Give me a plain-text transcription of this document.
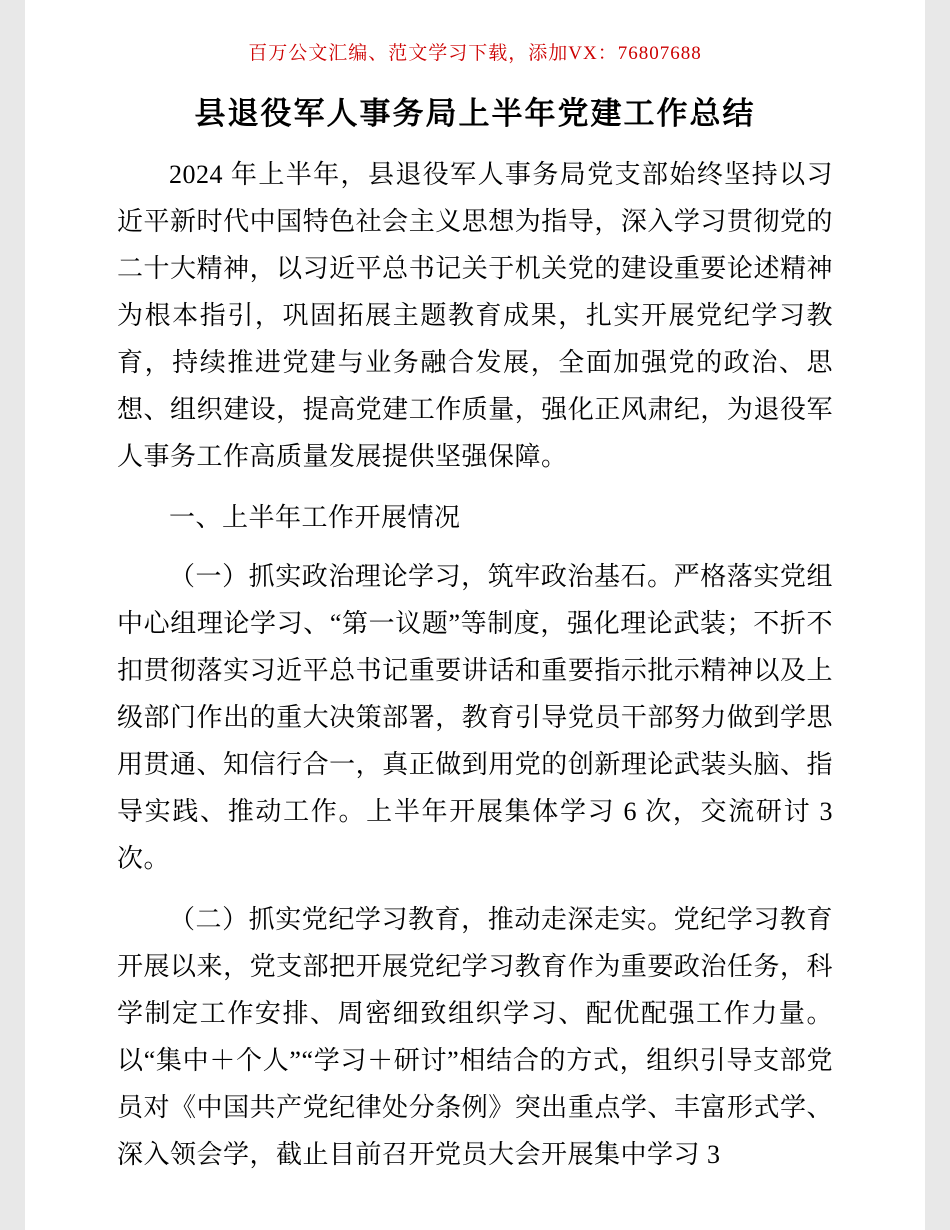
百万公文汇编、范文学习下载，添加VX：76807688
县退役军人事务局上半年党建工作总结

2024 年上半年，县退役军人事务局党支部始终坚持以习近平新时代中国特色社会主义思想为指导，深入学习贯彻党的二十大精神，以习近平总书记关于机关党的建设重要论述精神为根本指引，巩固拓展主题教育成果，扎实开展党纪学习教育，持续推进党建与业务融合发展，全面加强党的政治、思想、组织建设，提高党建工作质量，强化正风肃纪，为退役军人事务工作高质量发展提供坚强保障。

一、上半年工作开展情况

（一）抓实政治理论学习，筑牢政治基石。严格落实党组中心组理论学习、“第一议题”等制度，强化理论武装；不折不扣贯彻落实习近平总书记重要讲话和重要指示批示精神以及上级部门作出的重大决策部署，教育引导党员干部努力做到学思用贯通、知信行合一，真正做到用党的创新理论武装头脑、指导实践、推动工作。上半年开展集体学习 6 次，交流研讨 3 次。

（二）抓实党纪学习教育，推动走深走实。党纪学习教育开展以来，党支部把开展党纪学习教育作为重要政治任务，科学制定工作安排、周密细致组织学习、配优配强工作力量。以“集中＋个人”“学习＋研讨”相结合的方式，组织引导支部党员对《中国共产党纪律处分条例》突出重点学、丰富形式学、深入领会学，截止目前召开党员大会开展集中学习 3
